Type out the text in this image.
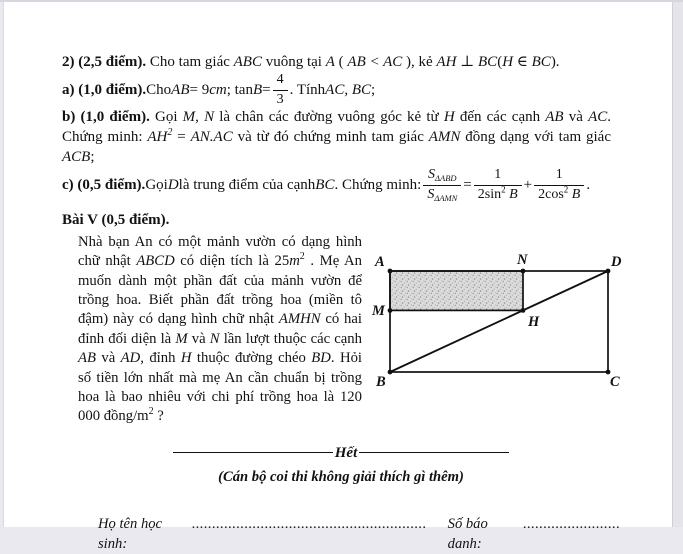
2) (2,5 điểm). Cho tam giác ABC vuông tại A ( AB < AC ), kẻ AH ⊥ BC(H ∈ BC).

a) (1,0 điểm). Cho AB = 9 cm ; $\tan B = \frac{4}{3}$ . Tính AC, BC ;

b) (1,0 điểm). Gọi M, N là chân các đường vuông góc kẻ từ H đến các cạnh AB và AC. Chứng minh: $AH^2 = AN.AC$ và từ đó chứng minh tam giác AMN đồng dạng với tam giác ACB;

c) (0,5 điểm). Gọi D là trung điểm của cạnh BC . Chứng minh: $\frac{S_{\Delta ABD}}{S_{\Delta AMN}} = \frac{1}{2\sin^2 B} + \frac{1}{2\cos^2 B}$ .

Bài V (0,5 điểm).

Nhà bạn An có một mảnh vườn có dạng hình chữ nhật ABCD có diện tích là $25m^2$ . Mẹ An muốn dành một phần đất của mảnh vườn để trồng hoa. Biết phần đất trồng hoa (miền tô đậm) này có dạng hình chữ nhật AMHN có hai đỉnh đối diện là M và N lần lượt thuộc các cạnh AB và AD, đỉnh H thuộc đường chéo BD. Hỏi số tiền lớn nhất mà mẹ An cần chuẩn bị trồng hoa là bao nhiêu với chi phí trồng hoa là 120 000 đồng/$m^2$ ?
A	N	D
M
H
B	C
Hết
(Cán bộ coi thi không giải thích gì thêm)
Họ tên học sinh:
.......................................................... Số báo danh:
........................
